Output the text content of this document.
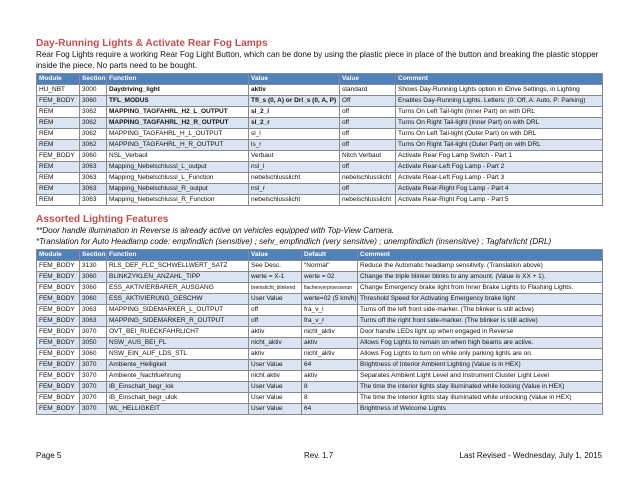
Day-Running Lights & Activate Rear Fog Lamps

Rear Fog Lights require a working Rear Fog Light Button, which can be done by using the plastic piece in place of the button and breaking the plastic stopper inside the piece. No parts need to be bought.

Module	Section	Function	Value	Value	Comment
HU_NBT	3000	Daydriving_light	aktiv	standard	Shows Day-Running Lights option in iDrive Settings, in Lighting
FEM_BODY	3060	TFL_MODUS	Tfl_s (0, A) or Drl_s (0, A, P)	Off	Enables Day-Running Lights. Letters: (0: Off, A: Auto, P: Parking)
REM	3062	MAPPING_TAGFAHRL_H2_L_OUTPUT	sl_2_l	off	Turns On Left Tail-light (Inner Part) on with DRL
REM	3062	MAPPING_TAGFAHRL_H2_R_OUTPUT	sl_2_r	off	Turns On Right Tail-light (Inner Part) on with DRL
REM	3062	MAPPING_TAGFAHRL_H_L_OUTPUT	sl_l	off	Turns On Left Tail-light (Outer Part) on with DRL
REM	3062	MAPPING_TAGFAHRL_H_R_OUTPUT	ls_r	off	Turns On Right Tail-light (Outer Part) on with DRL
FEM_BODY	3060	NSL_Verbaut	Verbaut	Nitch Verbaut	Activate Rear Fog Lamp Switch - Part 1
REM	3063	Mapping_Nebelschlussl_L_output	nsl_l	off	Activate Rear-Left Fog Lamp - Part 2
REM	3063	Mapping_Nebelschlussl_L_Function	nebelschlusslicht	nebelschlusslicht	Activate Rear-Left Fog Lamp - Part 3
REM	3063	Mapping_Nebelschlussl_R_output	nsl_r	off	Activate Rear-Right Fog Lamp - Part 4
REM	3063	Mapping_Nebelschlussl_R_Function	nebelschlusslicht	nebelschlusslicht	Activate Rear-Right Fog Lamp - Part 5

Assorted Lighting Features

**Door handle illumination in Reverse is already active on vehicles equipped with Top-View Camera.

*Translation for Auto Headlamp code: empfindlich (sensitive) ; sehr_empfindlich (very sensitive) ; unempfindlich (insensitive) ; Tagfahrlicht (DRL)

Module	Section	Function	Value	Default	Comment
FEM_BODY	3130	RLS_DEF_FLC_SCHWELLWERT_SATZ	See Desc.	"Normal"	Reduce the Automatic headlamp sensitivity. (Translation above)
FEM_BODY	3060	BLINKZYKLEN_ANZAHL_TIPP	werte = X-1	werte = 02	Change the triple blinker blinks to any amount. (Value is XX + 1).
FEM_BODY	3060	ESS_AKTIVIERBARER_AUSGANG	bremslicht_blinkend	flachenverproesserun	Change Emergency brake light from Inner Brake Lights to Flashing Lights.
FEM_BODY	3060	ESS_AKTIVIERUNG_GESCHW	User Value	werte=02 (5 km/h)	Threshold Speed for Activating Emergency brake light
FEM_BODY	3063	MAPPING_SIDEMARKER_L_OUTPUT	off	fra_v_l	Turns off the left front side-marker. (The blinker is still active)
FEM_BODY	3063	MAPPING_SIDEMARKER_R_OUTPUT	off	fra_v_r	Turns off the right front side-marker. (The blinker is still active)
FEM_BODY	3070	OVT_BEI_RUECKFAHRLICHT	aktiv	nicht_aktiv	Door handle LEDs light up when engaged in Reverse
FEM_BODY	3050	NSW_AUS_BEI_FL	nicht_aktiv	aktiv	Allows Fog Lights to remain on when high beams are active.
FEM_BODY	3060	NSW_EIN_AUF_LDS_STL	aktiv	nicht_aktiv	Allows Fog Lights to turn on while only parking lights are on.
FEM_BODY	3070	Ambiente_Helligkeit	User Value	64	Brightness of Interior Ambient Lighting (Value is in HEX)
FEM_BODY	3070	Ambiente_Nachfuehrung	nicht aktiv	aktiv	Separates Ambient Light Level and Instrument Cluster Light Level
FEM_BODY	3070	IB_Einschalt_begr_lok	User Value	8	The time the interior lights stay illuminated while locking (Value in HEX)
FEM_BODY	3070	IB_Einschalt_begr_ulok	User Value	8	The time the interior lights stay illuminated while unlocking (Value in HEX)
FEM_BODY	3070	WL_HELLIGKEIT	User Value	64	Brightness of Welcome Lights
Page 5	Rev. 1.7	Last Revised - Wednesday, July 1, 2015
